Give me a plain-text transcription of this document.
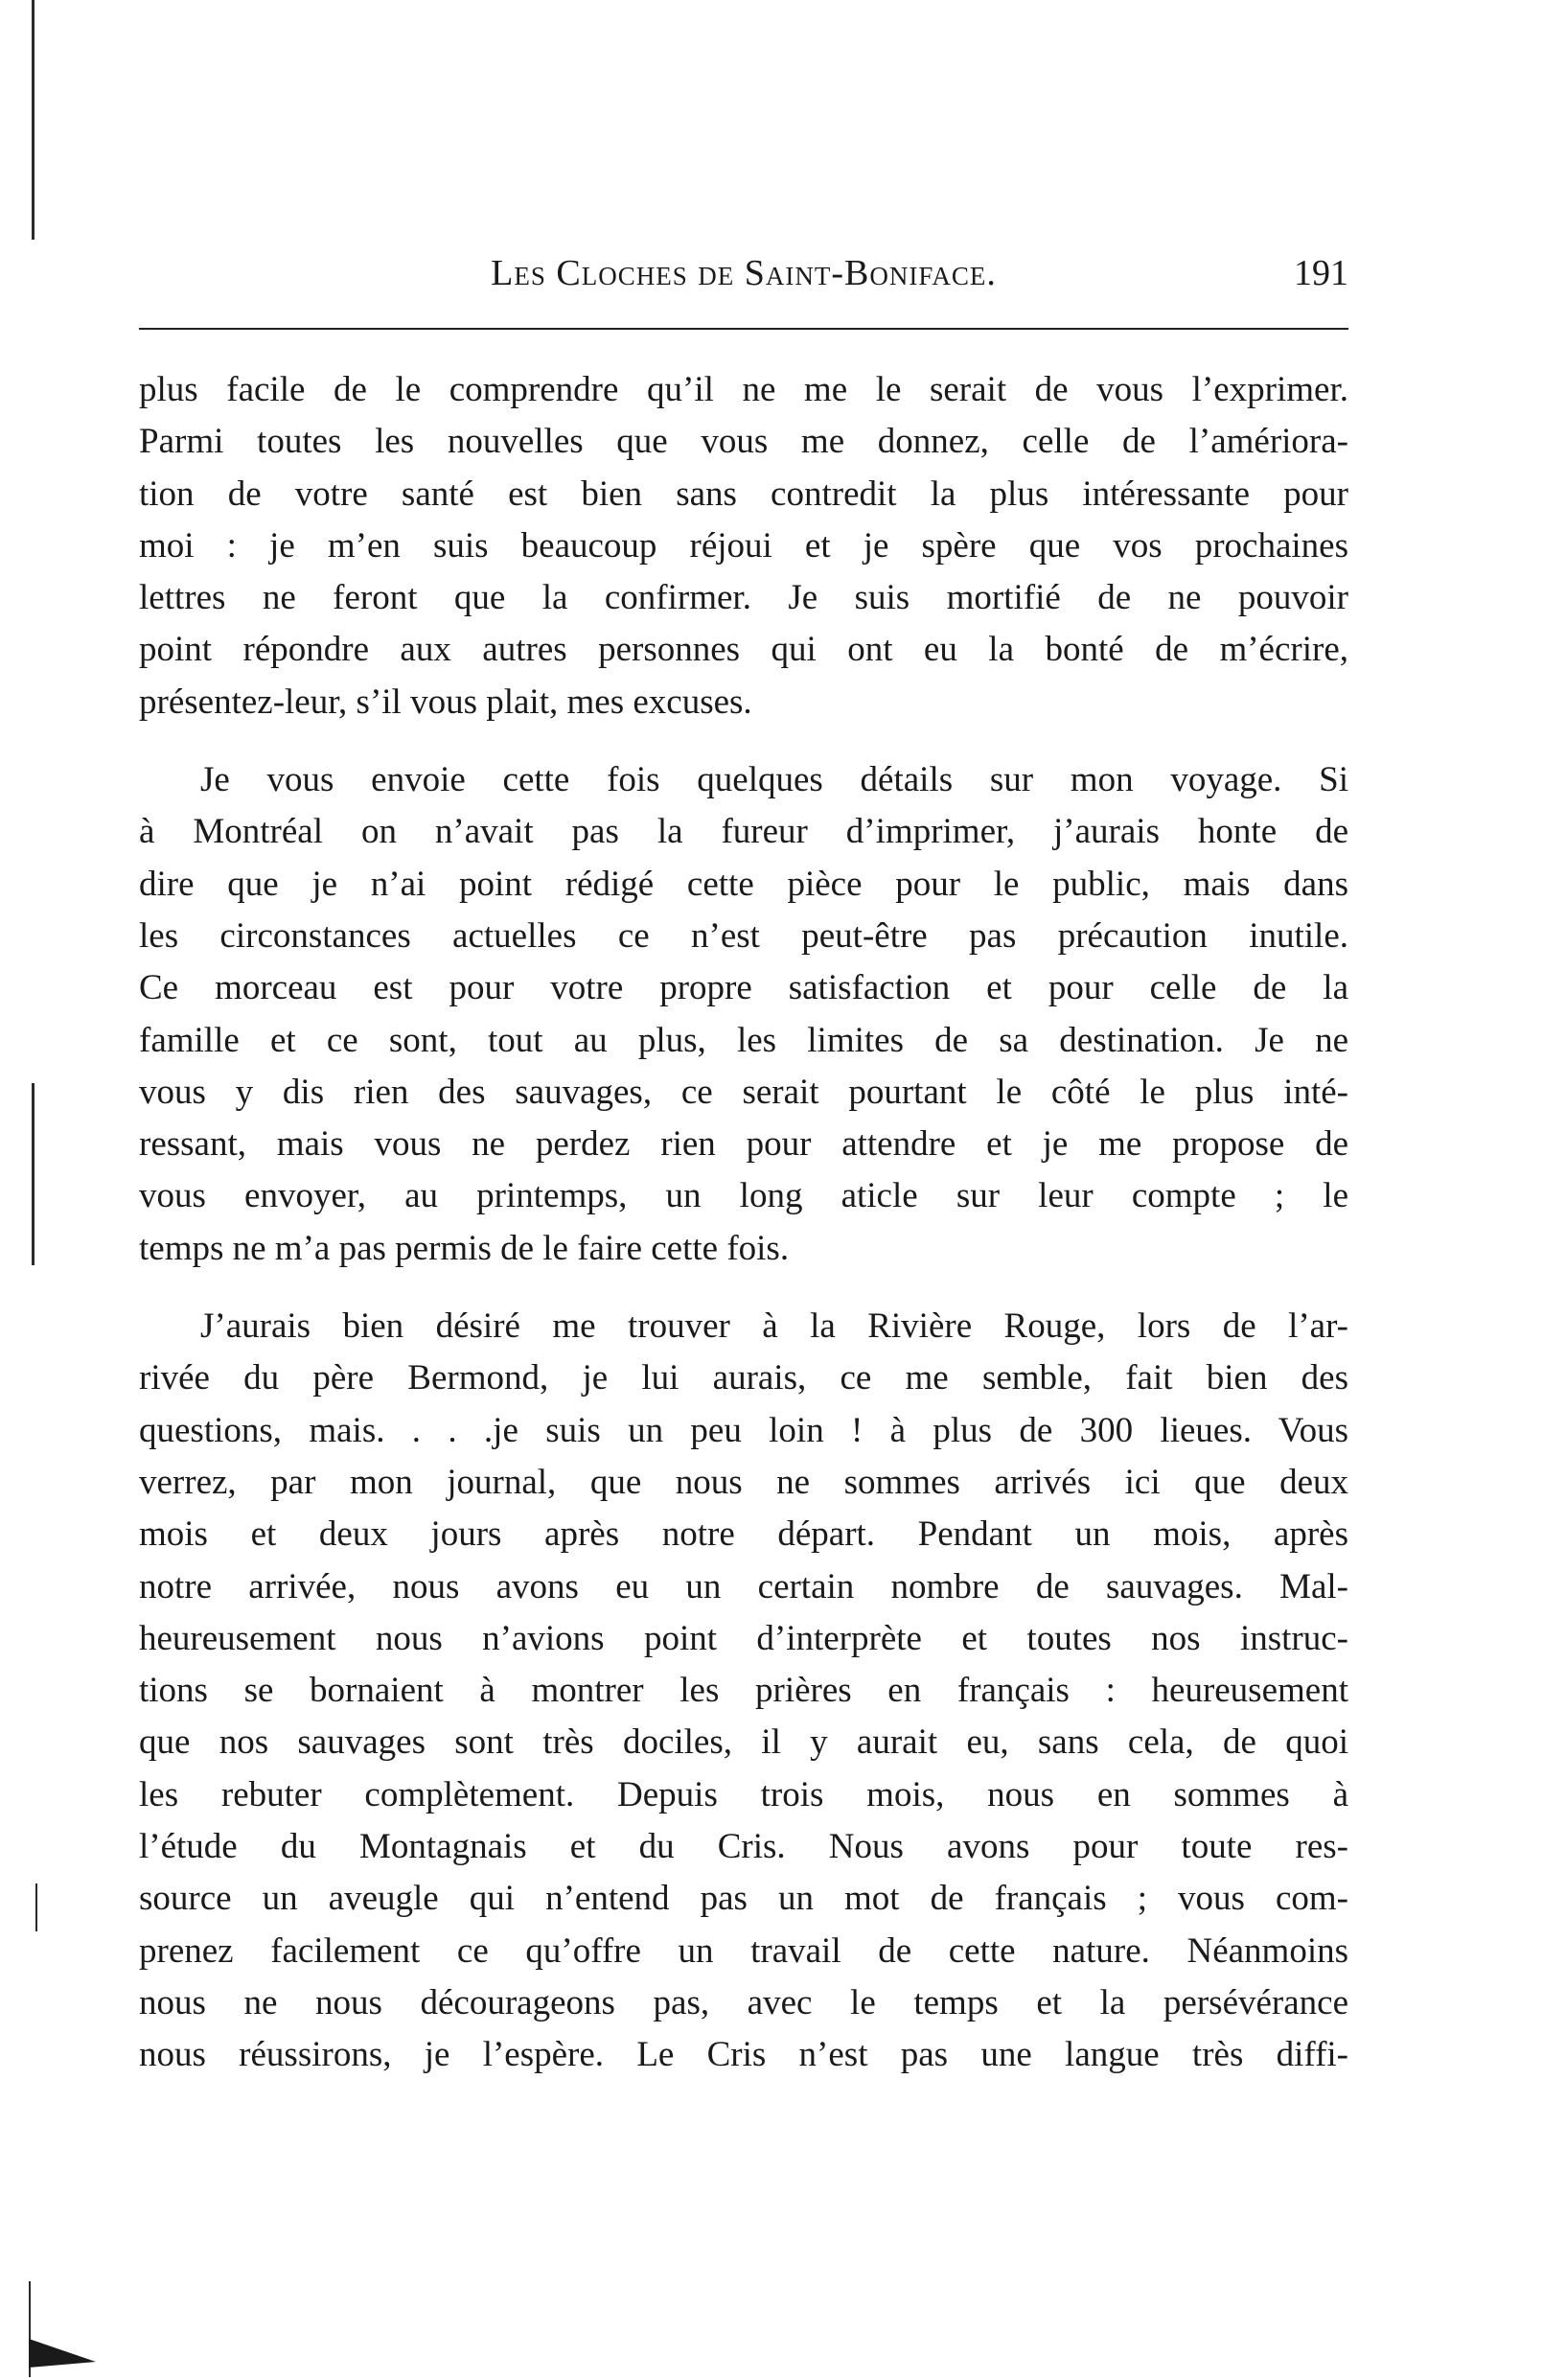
Les Cloches de Saint-Boniface.	191
plus facile de le comprendre qu’il ne me le serait de vous l’exprimer.
Parmi toutes les nouvelles que vous me donnez, celle de l’amériora-
tion de votre santé est bien sans contredit la plus intéressante pour
moi : je m’en suis beaucoup réjoui et je spère que vos prochaines
lettres ne feront que la confirmer. Je suis mortifié de ne pouvoir
point répondre aux autres personnes qui ont eu la bonté de m’écrire,
présentez-leur, s’il vous plait, mes excuses.
Je vous envoie cette fois quelques détails sur mon voyage. Si
à Montréal on n’avait pas la fureur d’imprimer, j’aurais honte de
dire que je n’ai point rédigé cette pièce pour le public, mais dans
les circonstances actuelles ce n’est peut-être pas précaution inutile.
Ce morceau est pour votre propre satisfaction et pour celle de la
famille et ce sont, tout au plus, les limites de sa destination. Je ne
vous y dis rien des sauvages, ce serait pourtant le côté le plus inté-
ressant, mais vous ne perdez rien pour attendre et je me propose de
vous envoyer, au printemps, un long aticle sur leur compte ; le
temps ne m’a pas permis de le faire cette fois.
J’aurais bien désiré me trouver à la Rivière Rouge, lors de l’ar-
rivée du père Bermond, je lui aurais, ce me semble, fait bien des
questions, mais. . . .je suis un peu loin ! à plus de 300 lieues. Vous
verrez, par mon journal, que nous ne sommes arrivés ici que deux
mois et deux jours après notre départ. Pendant un mois, après
notre arrivée, nous avons eu un certain nombre de sauvages. Mal-
heureusement nous n’avions point d’interprète et toutes nos instruc-
tions se bornaient à montrer les prières en français : heureusement
que nos sauvages sont très dociles, il y aurait eu, sans cela, de quoi
les rebuter complètement. Depuis trois mois, nous en sommes à
l’étude du Montagnais et du Cris. Nous avons pour toute res-
source un aveugle qui n’entend pas un mot de français ; vous com-
prenez facilement ce qu’offre un travail de cette nature. Néanmoins
nous ne nous décourageons pas, avec le temps et la persévérance
nous réussirons, je l’espère. Le Cris n’est pas une langue très diffi-
